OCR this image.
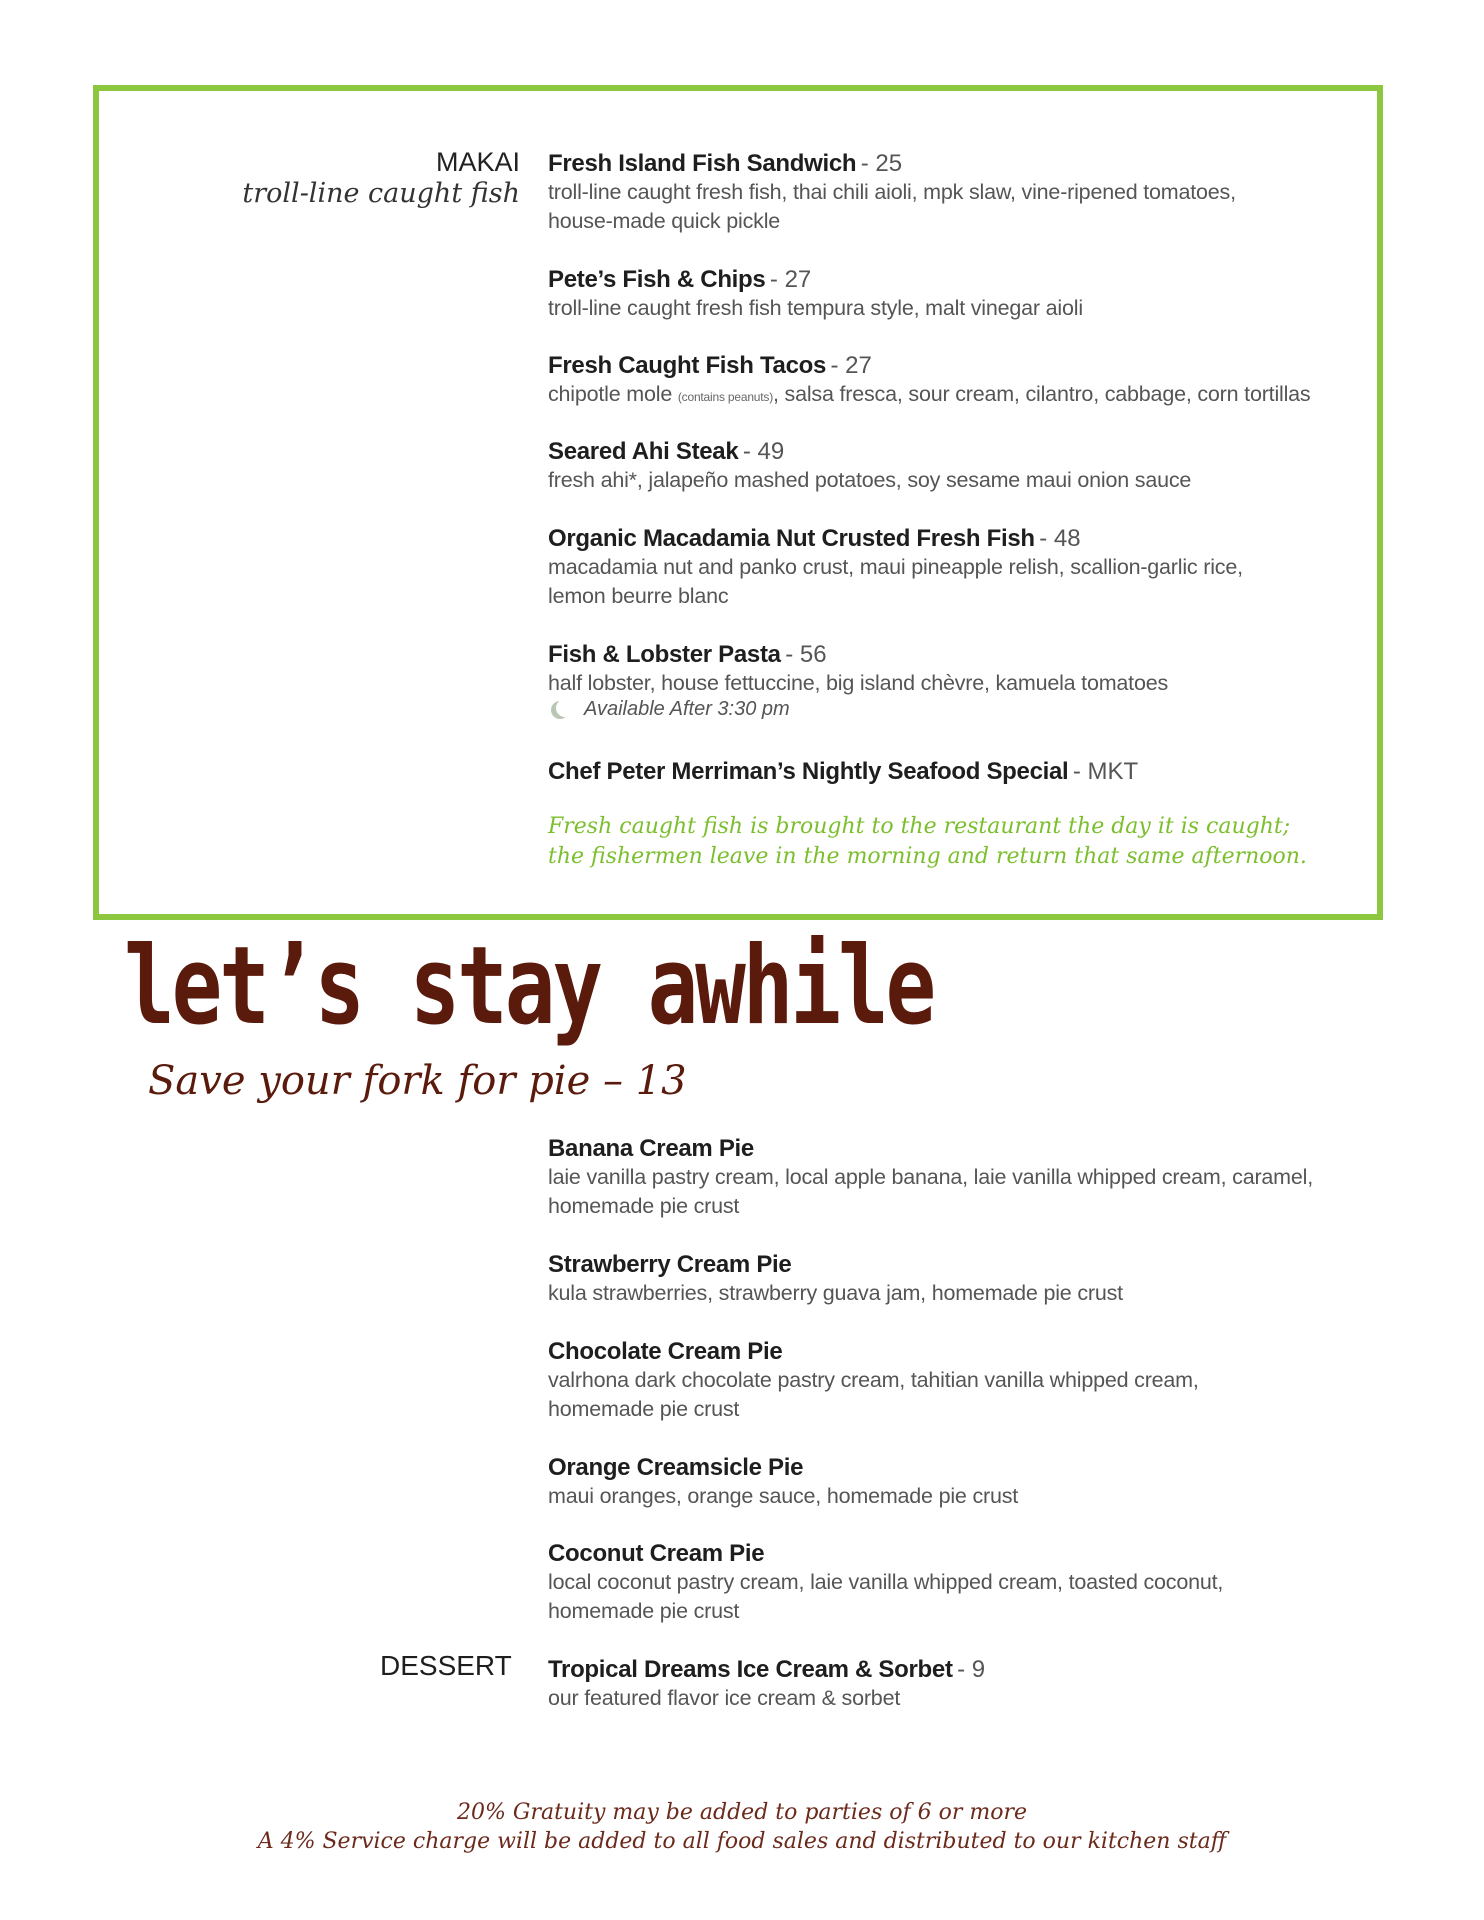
MAKAI
troll-line caught fish
Fresh Island Fish Sandwich - 25
troll-line caught fresh fish, thai chili aioli, mpk slaw, vine-ripened tomatoes,
house-made quick pickle
Pete’s Fish & Chips - 27
troll-line caught fresh fish tempura style, malt vinegar aioli
Fresh Caught Fish Tacos - 27
chipotle mole (contains peanuts), salsa fresca, sour cream, cilantro, cabbage, corn tortillas
Seared Ahi Steak - 49
fresh ahi*, jalapeño mashed potatoes, soy sesame maui onion sauce
Organic Macadamia Nut Crusted Fresh Fish - 48
macadamia nut and panko crust, maui pineapple relish, scallion-garlic rice,
lemon beurre blanc
Fish & Lobster Pasta - 56
half lobster, house fettuccine, big island chèvre, kamuela tomatoes
Available After 3:30 pm
Chef Peter Merriman’s Nightly Seafood Special - MKT
Fresh caught fish is brought to the restaurant the day it is caught;
the fishermen leave in the morning and return that same afternoon.
let’s stay awhile
Save your fork for pie – 13
Banana Cream Pie
laie vanilla pastry cream, local apple banana, laie vanilla whipped cream, caramel,
homemade pie crust
Strawberry Cream Pie
kula strawberries, strawberry guava jam, homemade pie crust
Chocolate Cream Pie
valrhona dark chocolate pastry cream, tahitian vanilla whipped cream,
homemade pie crust
Orange Creamsicle Pie
maui oranges, orange sauce, homemade pie crust
Coconut Cream Pie
local coconut pastry cream, laie vanilla whipped cream, toasted coconut,
homemade pie crust
DESSERT Tropical Dreams Ice Cream & Sorbet - 9
our featured flavor ice cream & sorbet
20% Gratuity may be added to parties of 6 or more
A 4% Service charge will be added to all food sales and distributed to our kitchen staff
